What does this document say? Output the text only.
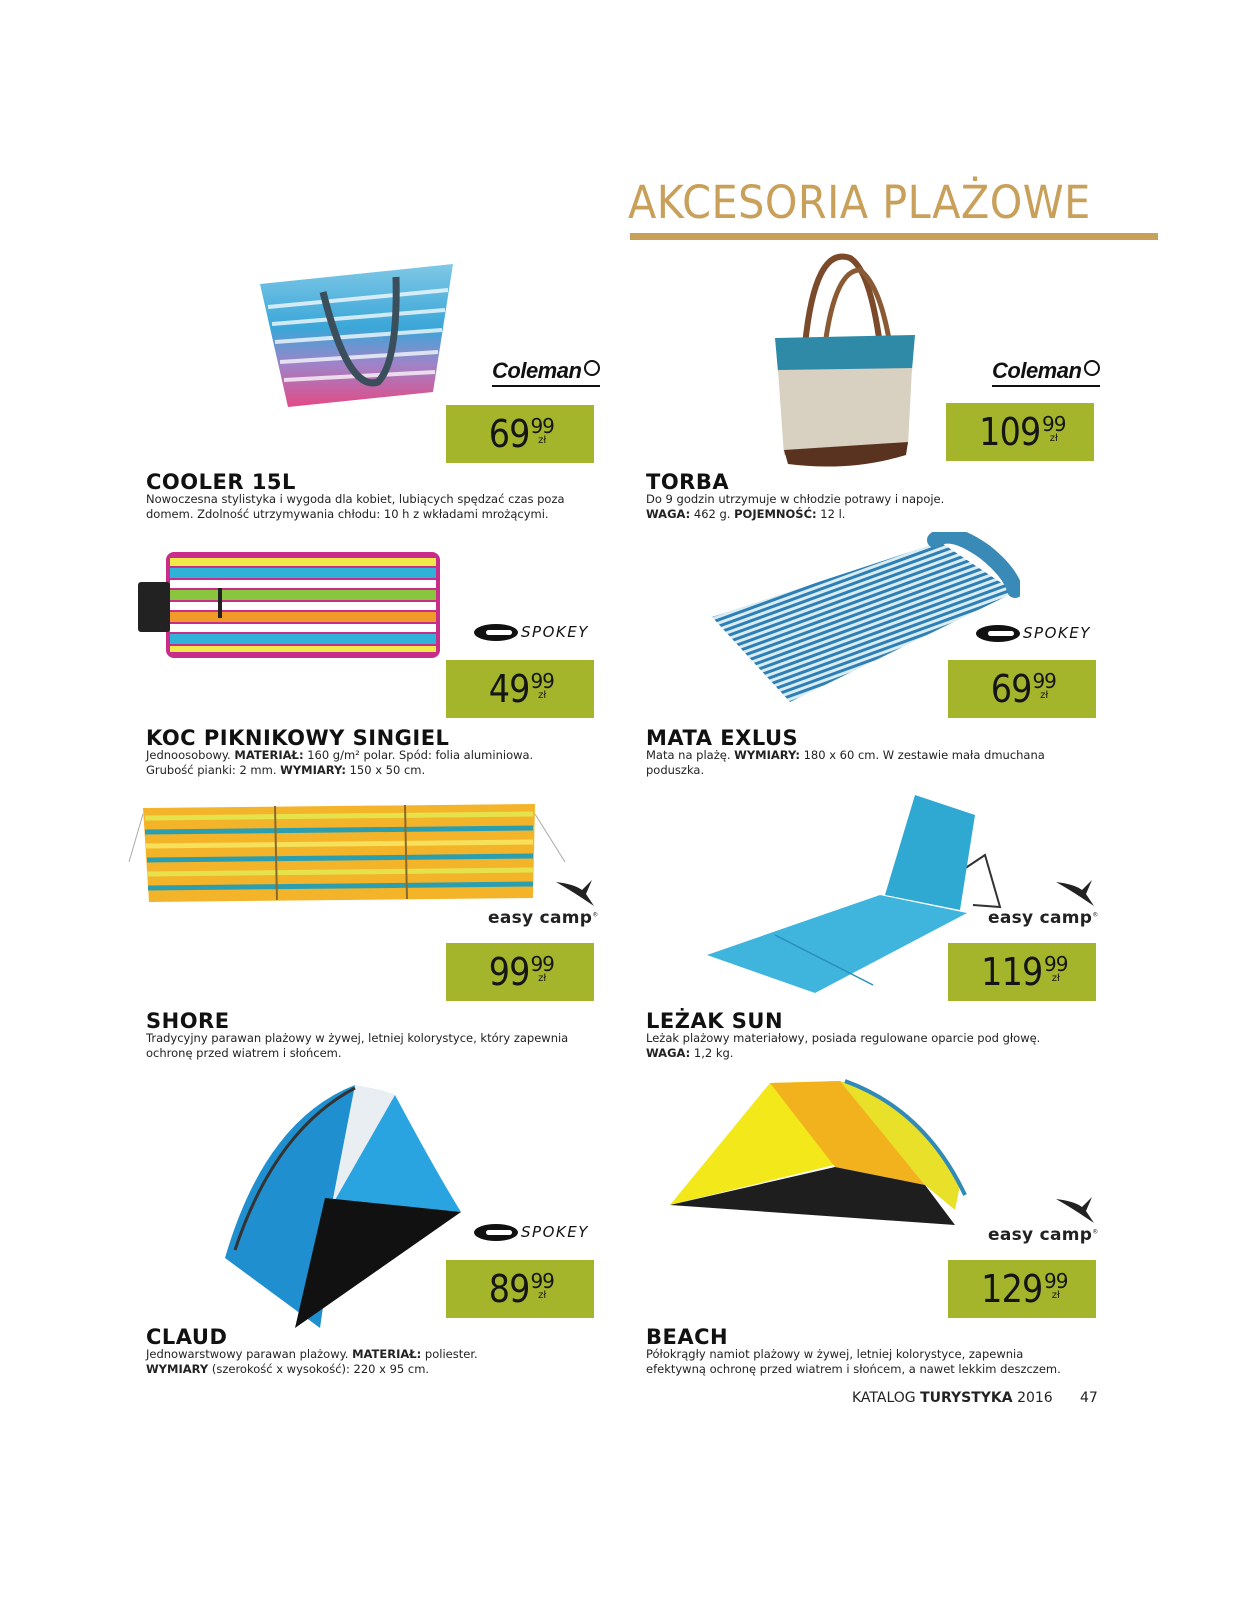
AKCESORIA PLAŻOWE
Coleman
69 99
zł
COOLER 15L
Nowoczesna stylistyka i wygoda dla kobiet, lubiących spędzać czas poza
domem. Zdolność utrzymywania chłodu: 10 h z wkładami mrożącymi.
Coleman
109 99
zł
TORBA
Do 9 godzin utrzymuje w chłodzie potrawy i napoje.
WAGA: 462 g. POJEMNOŚĆ: 12 l.
SPOKEY
49 99
zł
KOC PIKNIKOWY SINGIEL
Jednoosobowy. MATERIAŁ: 160 g/m² polar. Spód: folia aluminiowa.
Grubość pianki: 2 mm. WYMIARY: 150 x 50 cm.
SPOKEY
69 99
zł
MATA EXLUS
Mata na plażę. WYMIARY: 180 x 60 cm. W zestawie mała dmuchana
poduszka.
easy camp®
99 99
zł
SHORE
Tradycyjny parawan plażowy w żywej, letniej kolorystyce, który zapewnia
ochronę przed wiatrem i słońcem.
easy camp®
119 99
zł
LEŻAK SUN
Leżak plażowy materiałowy, posiada regulowane oparcie pod głowę.
WAGA: 1,2 kg.
SPOKEY
89 99
zł
CLAUD
Jednowarstwowy parawan plażowy. MATERIAŁ: poliester.
WYMIARY (szerokość x wysokość): 220 x 95 cm.
easy camp®
129 99
zł
BEACH
Półokrągły namiot plażowy w żywej, letniej kolorystyce, zapewnia
efektywną ochronę przed wiatrem i słońcem, a nawet lekkim deszczem.
KATALOG TURYSTYKA 2016 47
